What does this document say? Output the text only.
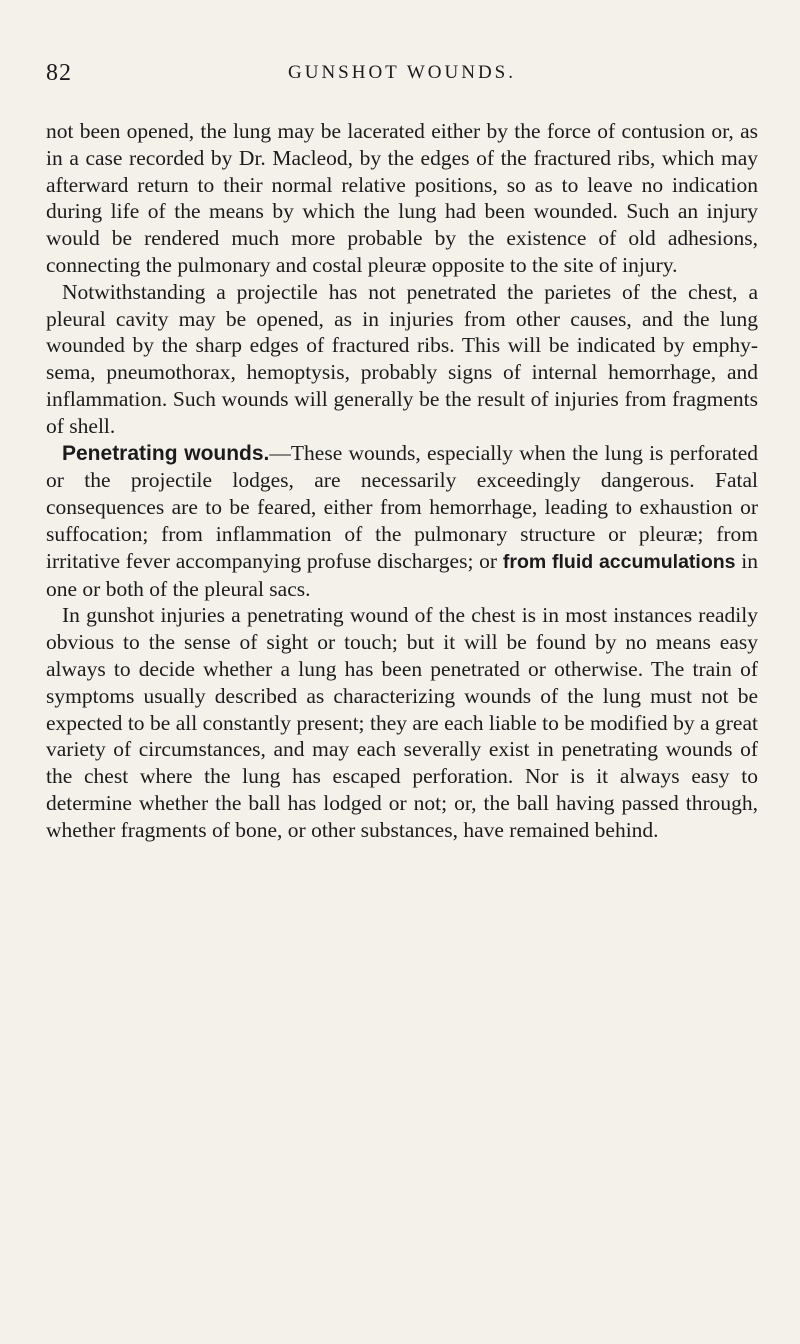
82	GUNSHOT WOUNDS.

not been opened, the lung may be lacerated either by the force of contusion or, as in a case recorded by Dr. Macleod, by the edges of the fractured ribs, which may afterward return to their normal relative positions, so as to leave no indication during life of the means by which the lung had been wounded. Such an injury would be rendered much more probable by the existence of old adhesions, connecting the pulmonary and costal pleuræ opposite to the site of injury.

Notwithstanding a projectile has not penetrated the parietes of the chest, a pleural cavity may be opened, as in injuries from other causes, and the lung wounded by the sharp edges of fractured ribs. This will be indicated by emphysema, pneumothorax, hemoptysis, probably signs of internal hemorrhage, and inflammation. Such wounds will generally be the result of injuries from fragments of shell.

Penetrating wounds.—These wounds, especially when the lung is perforated or the projectile lodges, are necessarily exceedingly dangerous. Fatal consequences are to be feared, either from hemorrhage, leading to exhaustion or suffocation; from inflammation of the pulmonary structure or pleuræ; from irritative fever accompanying profuse discharges; or from fluid accumulations in one or both of the pleural sacs.

In gunshot injuries a penetrating wound of the chest is in most instances readily obvious to the sense of sight or touch; but it will be found by no means easy always to decide whether a lung has been penetrated or otherwise. The train of symptoms usually described as characterizing wounds of the lung must not be expected to be all constantly present; they are each liable to be modified by a great variety of circumstances, and may each severally exist in penetrating wounds of the chest where the lung has escaped perforation. Nor is it always easy to determine whether the ball has lodged or not; or, the ball having passed through, whether fragments of bone, or other substances, have remained behind.
